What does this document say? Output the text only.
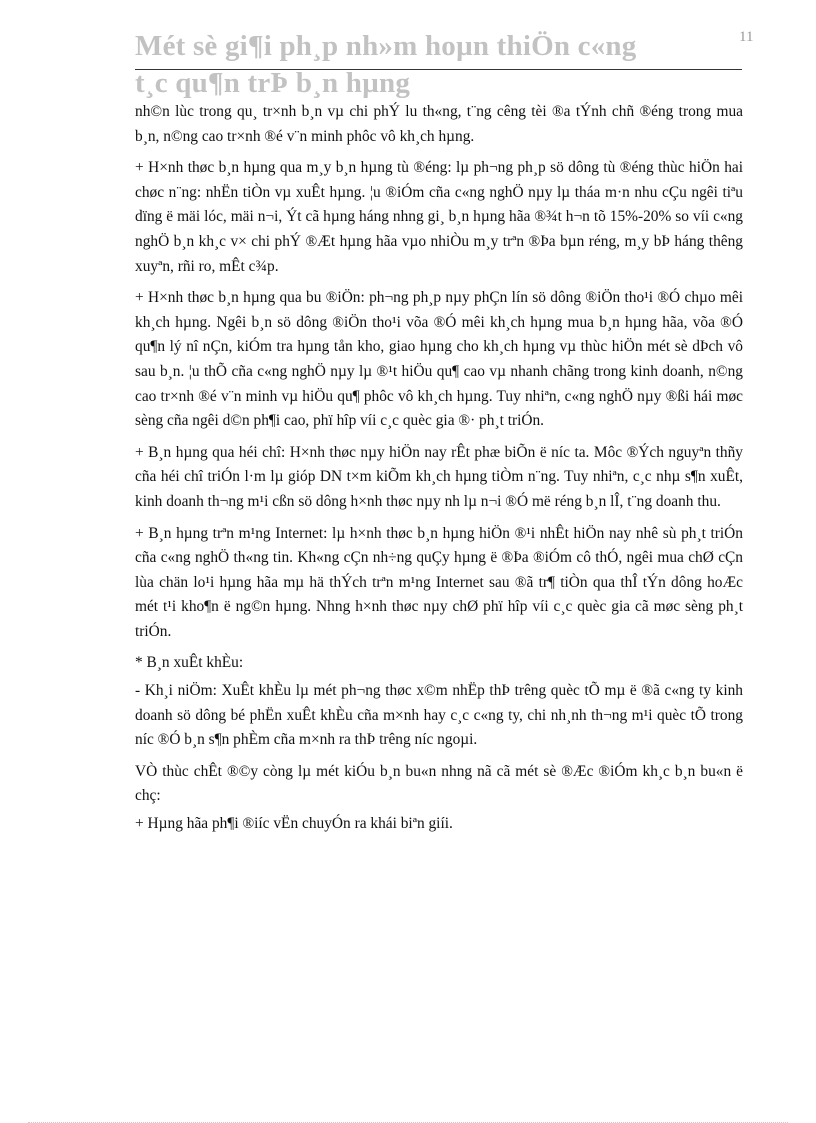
Mét sè gi¶i ph¸p nh»m hoµn thiÖn c«ng
t¸c qu¶n trÞ b¸n hµng
11

nh©n lùc trong qu¸ tr×nh b¸n vµ chi phÝ lu th«ng, t¨ng cêng tèi ®a tÝnh chñ ®éng trong mua b¸n, n©ng cao tr×nh ®é v¨n minh phôc vô kh¸ch hµng.

+ H×nh thøc b¸n hµng qua m¸y b¸n hµng tù ®éng: lµ ph¬ng ph¸p sö dông tù ®éng thùc hiÖn hai chøc n¨ng: nhËn tiÒn vµ xuÊt hµng. ¦u ®iÓm cña c«ng nghÖ nµy lµ tháa m·n nhu cÇu ngêi tiªu dïng ë mäi lóc, mäi n¬i, Ýt cã hµng háng nhng gi¸ b¸n hµng hãa ®¾t h¬n tõ 15%-20% so víi c«ng nghÖ b¸n kh¸c v× chi phÝ ®Æt hµng hãa vµo nhiÒu m¸y trªn ®Þa bµn réng, m¸y bÞ háng thêng xuyªn, rñi ro, mÊt c¾p.

+ H×nh thøc b¸n hµng qua bu ®iÖn: ph¬ng ph¸p nµy phÇn lín sö dông ®iÖn tho¹i ®Ó chµo mêi kh¸ch hµng. Ngêi b¸n sö dông ®iÖn tho¹i võa ®Ó mêi kh¸ch hµng mua b¸n hµng hãa, võa ®Ó qu¶n lý nî nÇn, kiÓm tra hµng tån kho, giao hµng cho kh¸ch hµng vµ thùc hiÖn mét sè dÞch vô sau b¸n. ¦u thÕ cña c«ng nghÖ nµy lµ ®¹t hiÖu qu¶ cao vµ nhanh chãng trong kinh doanh, n©ng cao tr×nh ®é v¨n minh vµ hiÖu qu¶ phôc vô kh¸ch hµng. Tuy nhiªn, c«ng nghÖ nµy ®ßi hái møc sèng cña ngêi d©n ph¶i cao, phï hîp víi c¸c quèc gia ®· ph¸t triÓn.

+ B¸n hµng qua héi chî: H×nh thøc nµy hiÖn nay rÊt phæ biÕn ë níc ta. Môc ®Ých nguyªn thñy cña héi chî triÓn l·m lµ gióp DN t×m kiÕm kh¸ch hµng tiÒm n¨ng. Tuy nhiªn, c¸c nhµ s¶n xuÊt, kinh doanh th¬ng m¹i cßn sö dông h×nh thøc nµy nh lµ n¬i ®Ó më réng b¸n lÎ, t¨ng doanh thu.

+ B¸n hµng trªn m¹ng Internet: lµ h×nh thøc b¸n hµng hiÖn ®¹i nhÊt hiÖn nay nhê sù ph¸t triÓn cña c«ng nghÖ th«ng tin. Kh«ng cÇn nh÷ng quÇy hµng ë ®Þa ®iÓm cô thÓ, ngêi mua chØ cÇn lùa chän lo¹i hµng hãa mµ hä thÝch trªn m¹ng Internet sau ®ã tr¶ tiÒn qua thÎ tÝn dông hoÆc mét t¹i kho¶n ë ng©n hµng. Nhng h×nh thøc nµy chØ phï hîp víi c¸c quèc gia cã møc sèng ph¸t triÓn.

* B¸n xuÊt khÈu:

- Kh¸i niÖm: XuÊt khÈu lµ mét ph¬ng thøc x©m nhËp thÞ trêng quèc tÕ mµ ë ®ã c«ng ty kinh doanh sö dông bé phËn xuÊt khÈu cña m×nh hay c¸c c«ng ty, chi nh¸nh th¬ng m¹i quèc tÕ trong níc ®Ó b¸n s¶n phÈm cña m×nh ra thÞ trêng níc ngoµi.

VÒ thùc chÊt ®©y còng lµ mét kiÓu b¸n bu«n nhng nã cã mét sè ®Æc ®iÓm kh¸c b¸n bu«n ë chç:

+ Hµng hãa ph¶i ®iíc vËn chuyÓn ra khái biªn giíi.
